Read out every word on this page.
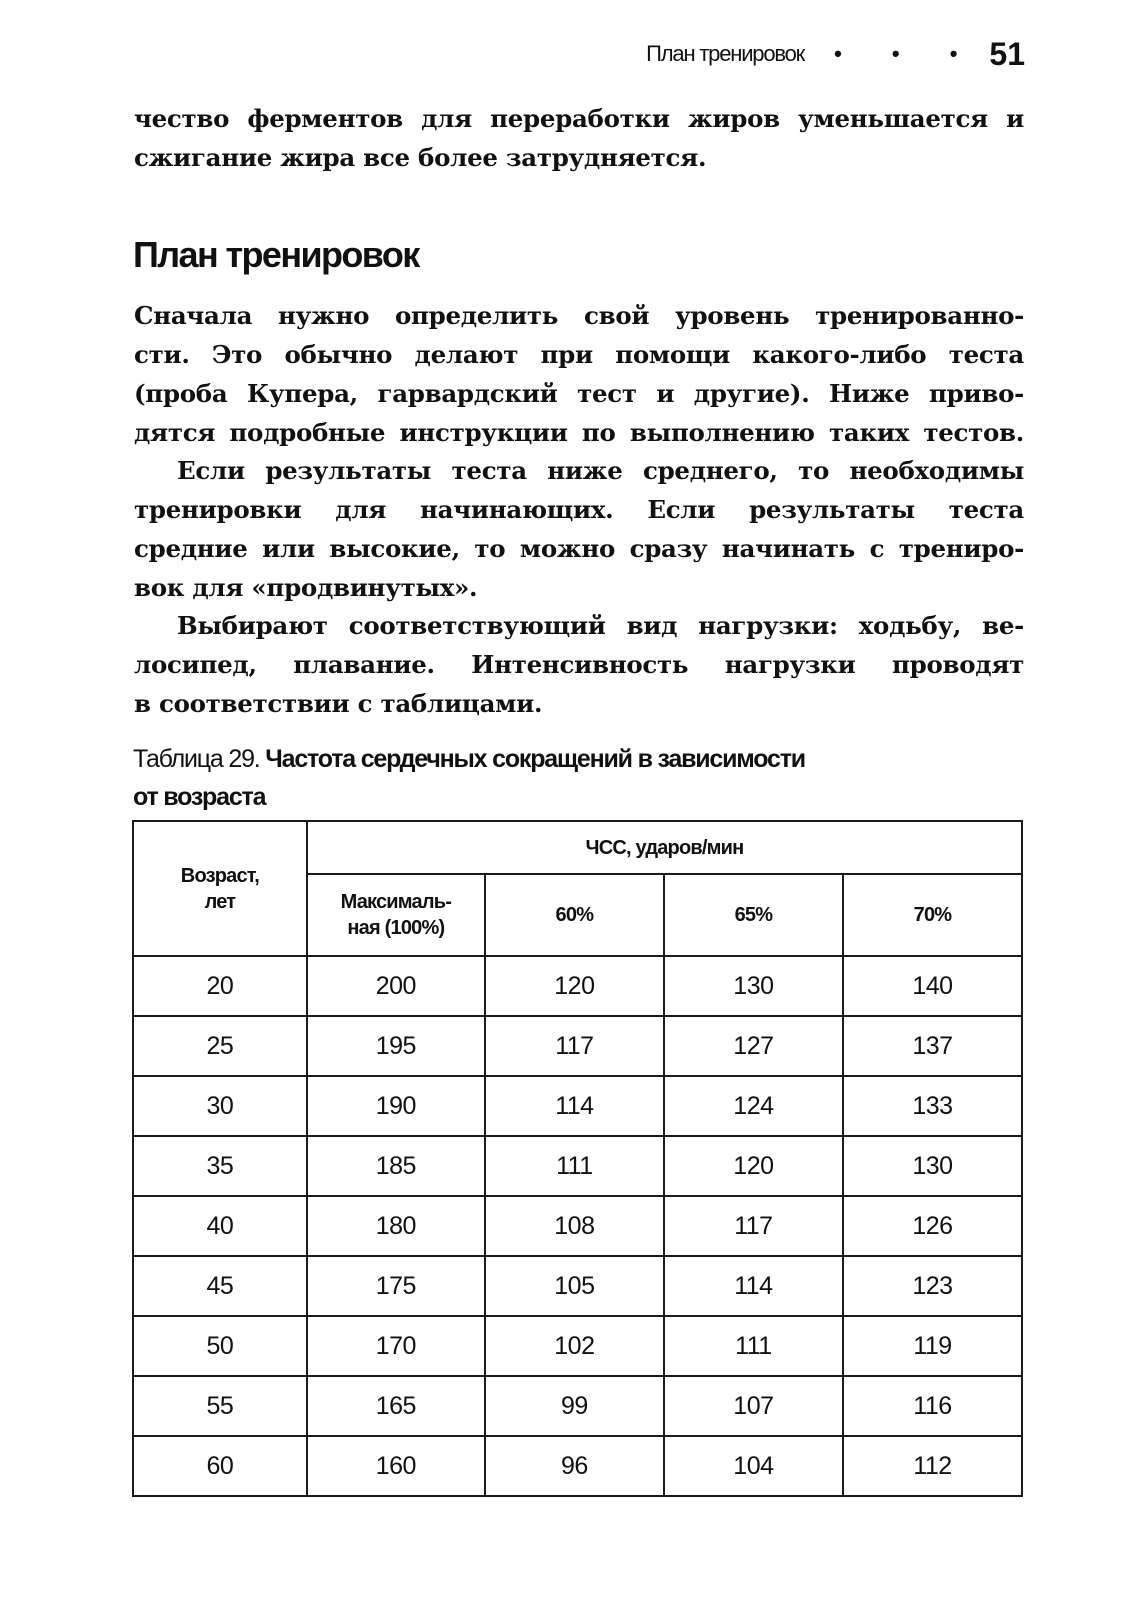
План тренировок • • • 51
чество ферментов для переработки жиров уменьшается и
сжигание жира все более затрудняется.
План тренировок
Сначала нужно определить свой уровень тренированно-
сти. Это обычно делают при помощи какого-либо теста
(проба Купера, гарвардский тест и другие). Ниже приво-
дятся подробные инструкции по выполнению таких тестов.
Если результаты теста ниже среднего, то необходимы
тренировки для начинающих. Если результаты теста
средние или высокие, то можно сразу начинать с трениро-
вок для «продвинутых».
Выбирают соответствующий вид нагрузки: ходьбу, ве-
лосипед, плавание. Интенсивность нагрузки проводят
в соответствии с таблицами.
Таблица 29. Частота сердечных сокращений в зависимости
от возраста
Возраст, лет	ЧСС, ударов/мин			
	Максималь-ная (100%)	60%	65%	70%
20	200	120	130	140
25	195	117	127	137
30	190	114	124	133
35	185	111	120	130
40	180	108	117	126
45	175	105	114	123
50	170	102	111	119
55	165	99	107	116
60	160	96	104	112
